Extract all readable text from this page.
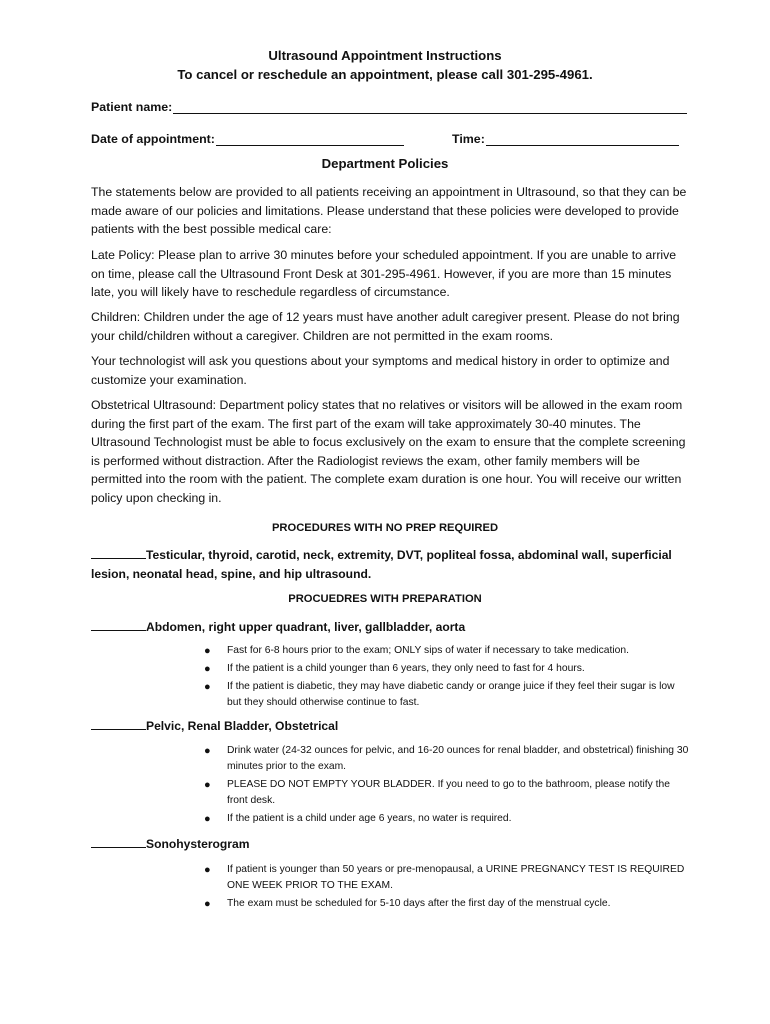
Ultrasound Appointment Instructions
To cancel or reschedule an appointment, please call 301-295-4961.
Patient name:
Date of appointment:	Time:
Department Policies

The statements below are provided to all patients receiving an appointment in Ultrasound, so that they can be made aware of our policies and limitations. Please understand that these policies were developed to provide patients with the best possible medical care:

Late Policy: Please plan to arrive 30 minutes before your scheduled appointment. If you are unable to arrive on time, please call the Ultrasound Front Desk at 301-295-4961. However, if you are more than 15 minutes late, you will likely have to reschedule regardless of circumstance.

Children: Children under the age of 12 years must have another adult caregiver present. Please do not bring your child/children without a caregiver. Children are not permitted in the exam rooms.

Your technologist will ask you questions about your symptoms and medical history in order to optimize and customize your examination.

Obstetrical Ultrasound: Department policy states that no relatives or visitors will be allowed in the exam room during the first part of the exam. The first part of the exam will take approximately 30-40 minutes. The Ultrasound Technologist must be able to focus exclusively on the exam to ensure that the complete screening is performed without distraction. After the Radiologist reviews the exam, other family members will be permitted into the room with the patient. The complete exam duration is one hour. You will receive our written policy upon checking in.

PROCEDURES WITH NO PREP REQUIRED
Testicular, thyroid, carotid, neck, extremity, DVT, popliteal fossa, abdominal wall, superficial lesion, neonatal head, spine, and hip ultrasound.
PROCUEDRES WITH PREPARATION
Abdomen, right upper quadrant, liver, gallbladder, aorta
● Fast for 6-8 hours prior to the exam; ONLY sips of water if necessary to take medication.
● If the patient is a child younger than 6 years, they only need to fast for 4 hours.
● If the patient is diabetic, they may have diabetic candy or orange juice if they feel their sugar is low but they should otherwise continue to fast.
Pelvic, Renal Bladder, Obstetrical
● Drink water (24-32 ounces for pelvic, and 16-20 ounces for renal bladder, and obstetrical) finishing 30 minutes prior to the exam.
● PLEASE DO NOT EMPTY YOUR BLADDER. If you need to go to the bathroom, please notify the front desk.
● If the patient is a child under age 6 years, no water is required.
Sonohysterogram
● If patient is younger than 50 years or pre-menopausal, a URINE PREGNANCY TEST IS REQUIRED ONE WEEK PRIOR TO THE EXAM.
● The exam must be scheduled for 5-10 days after the first day of the menstrual cycle.
